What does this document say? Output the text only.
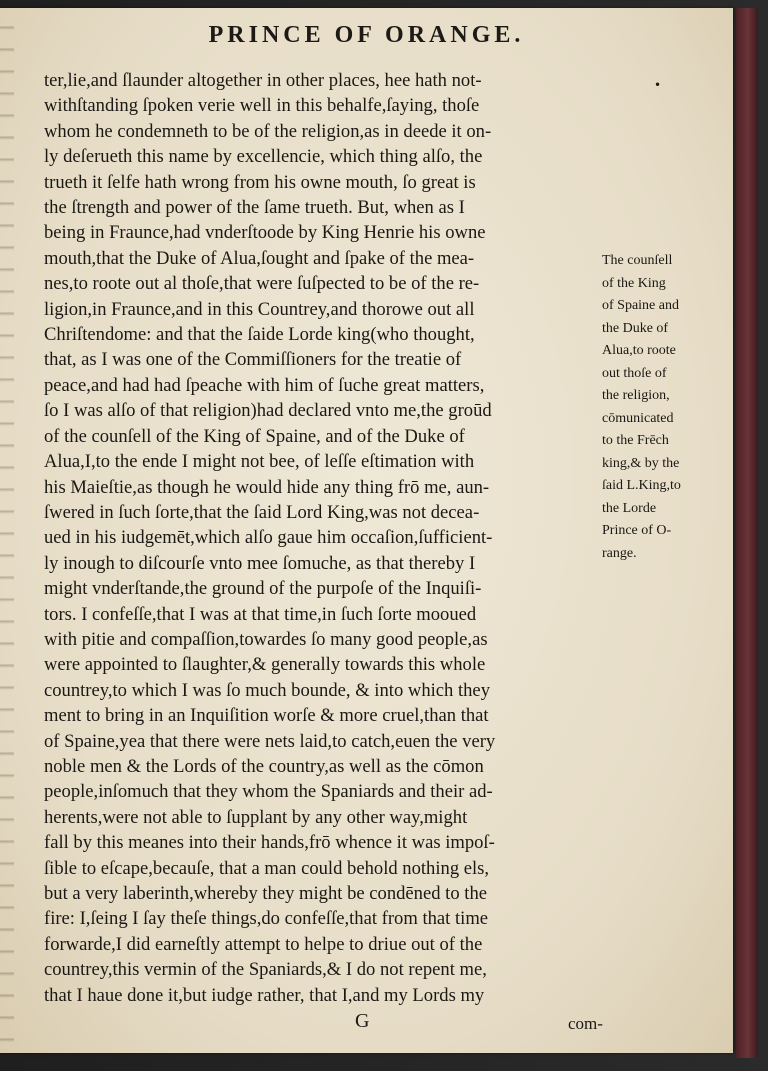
PRINCE OF ORANGE.
ter,lie,and ſlaunder altogether in other places, hee hath not-
withſtanding ſpoken verie well in this behalfe,ſaying, thoſe
whom he condemneth to be of the religion,as in deede it on-
ly deſerueth this name by excellencie, which thing alſo, the
trueth it ſelfe hath wrong from his owne mouth, ſo great is
the ſtrength and power of the ſame trueth. But, when as I
being in Fraunce,had vnderſtoode by King Henrie his owne
mouth,that the Duke of Alua,ſought and ſpake of the mea-
nes,to roote out al thoſe,that were ſuſpected to be of the re-
ligion,in Fraunce,and in this Countrey,and thorowe out all
Chriſtendome: and that the ſaide Lorde king(who thought,
that, as I was one of the Commiſſioners for the treatie of
peace,and had had ſpeache with him of ſuche great matters,
ſo I was alſo of that religion)had declared vnto me,the groūd
of the counſell of the King of Spaine, and of the Duke of
Alua,I,to the ende I might not bee, of leſſe eſtimation with
his Maieſtie,as though he would hide any thing frō me, aun-
ſwered in ſuch ſorte,that the ſaid Lord King,was not decea-
ued in his iudgemēt,which alſo gaue him occaſion,ſufficient-
ly inough to diſcourſe vnto mee ſomuche, as that thereby I
might vnderſtande,the ground of the purpoſe of the Inquiſi-
tors. I confeſſe,that I was at that time,in ſuch ſorte mooued
with pitie and compaſſion,towardes ſo many good people,as
were appointed to ſlaughter,& generally towards this whole
countrey,to which I was ſo much bounde, & into which they
ment to bring in an Inquiſition worſe & more cruel,than that
of Spaine,yea that there were nets laid,to catch,euen the very
noble men & the Lords of the country,as well as the cōmon
people,inſomuch that they whom the Spaniards and their ad-
herents,were not able to ſupplant by any other way,might
fall by this meanes into their hands,frō whence it was impoſ-
ſible to eſcape,becauſe, that a man could behold nothing els,
but a very laberinth,whereby they might be condēned to the
fire: I,ſeing I ſay theſe things,do confeſſe,that from that time
forwarde,I did earneſtly attempt to helpe to driue out of the
countrey,this vermin of the Spaniards,& I do not repent me,
that I haue done it,but iudge rather, that I,and my Lords my
The counſell
of the King
of Spaine and
the Duke of
Alua,to roote
out thoſe of
the religion,
cōmunicated
to the Frēch
king,& by the
ſaid L.King,to
the Lorde
Prince of O-
range.
•
G	com-
